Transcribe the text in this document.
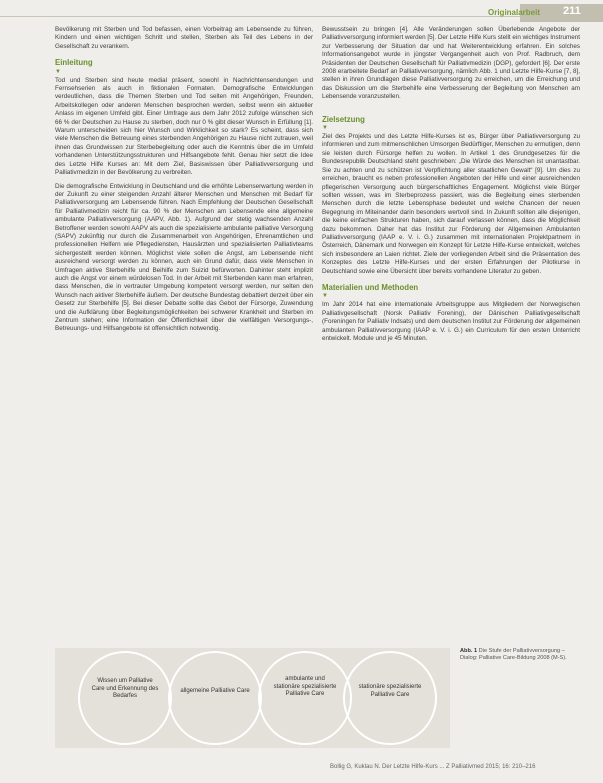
Originalarbeit 211

Bevölkerung mit Sterben und Tod befassen, einen Vorbeitrag am Lebensende zu führen, Kindern und einen wichtigen Schritt und stellen, Sterben als Teil des Lebens in der Gesellschaft zu verankern.

Einleitung
▼

Tod und Sterben sind heute medial präsent, sowohl in Nachrichtensendungen und Fernsehserien als auch in fiktionalen Formaten. Demografische Entwicklungen verdeutlichen, dass die Themen Sterben und Tod selten mit Angehörigen, Freunden, Arbeitskollegen oder anderen Menschen besprochen werden, selbst wenn ein aktueller Anlass im eigenen Umfeld gibt. Einer Umfrage aus dem Jahr 2012 zufolge wünschen sich 66 % der Deutschen zu Hause zu sterben, doch nur 0 % gibt dieser Wunsch in Erfüllung [1]. Warum unterscheiden sich hier Wunsch und Wirklichkeit so stark? Es scheint, dass sich viele Menschen die Betreuung eines sterbenden Angehörigen zu Hause nicht zutrauen, weil ihnen das Grundwissen zur Sterbebegleitung oder auch die Kenntnis über die im Umfeld vorhandenen Unterstützungsstrukturen und Hilfsangebote fehlt. Genau hier setzt die Idee des Letzte Hilfe Kurses an: Mit dem Ziel, Basiswissen über Palliativversorgung und Palliativmedizin in der Bevölkerung zu verbreiten.

Die demografische Entwicklung in Deutschland und die erhöhte Lebenserwartung werden in der Zukunft zu einer steigenden Anzahl älterer Menschen und Menschen mit Bedarf für Palliativversorgung am Lebensende führen. Nach Empfehlung der Deutschen Gesellschaft für Palliativmedizin reicht für ca. 90 % der Menschen am Lebensende eine allgemeine ambulante Palliativversorgung (AAPV, Abb. 1). Aufgrund der stetig wachsenden Anzahl Betroffener werden sowohl AAPV als auch die spezialisierte ambulante palliative Versorgung (SAPV) zukünftig nur durch die Zusammenarbeit von Angehörigen, Ehrenamtlichen und professionellen Helfern wie Pflegediensten, Hausärzten und spezialisierten Palliativteams sichergestellt werden können. Möglichst viele sollen die Angst, am Lebensende nicht ausreichend versorgt werden zu können, auch ein Grund dafür, dass viele Menschen in Umfragen aktive Sterbehilfe und Beihilfe zum Suizid befürworten. Dahinter steht implizit auch die Angst vor einem würdelosen Tod. In der Arbeit mit Sterbenden kann man erfahren, dass Menschen, die in vertrauter Umgebung kompetent versorgt werden, nur selten den Wunsch nach aktiver Sterbehilfe äußern. Der deutsche Bundestag debattiert derzeit über ein Gesetz zur Sterbehilfe [5]. Bei dieser Debatte sollte das Gebot der Fürsorge, Zuwendung und die Aufklärung über Begleitungsmöglichkeiten bei schwerer Krankheit und Sterben im Zentrum stehen; eine Information der Öffentlichkeit über die vielfältigen Versorgungs-, Betreuungs- und Hilfsangebote ist offensichtlich notwendig.

Bewusstsein zu bringen [4]. Alle Veränderungen sollen Überlebende Angebote der Palliativversorgung informiert werden [5]. Der Letzte Hilfe Kurs stellt ein wichtiges Instrument zur Verbesserung der Situation dar und hat Weiterentwicklung erfahren. Ein solches Informationsangebot wurde in jüngster Vergangenheit auch von Prof. Radbruch, dem Präsidenten der Deutschen Gesellschaft für Palliativmedizin (DGP), gefordert [6]. Der erste 2008 erarbeitete Bedarf an Palliativversorgung, nämlich Abb. 1 und Letzte Hilfe-Kurse [7, 8], stellen in ihren Grundlagen diese Palliativversorgung zu erreichen, um die Erreichung und das Diskussion um die Sterbehilfe eine Verbesserung der Begleitung von Menschen am Lebensende voranzustellen.

Zielsetzung
▼

Ziel des Projekts und des Letzte Hilfe-Kurses ist es, Bürger über Palliativversorgung zu informieren und zum mitmenschlichen Umsorgen Bedürftiger, Menschen zu ermutigen, denn sie leisten durch Fürsorge helfen zu wollen. In Artikel 1 des Grundgesetzes für die Bundesrepublik Deutschland steht geschrieben: „Die Würde des Menschen ist unantastbar. Sie zu achten und zu schützen ist Verpflichtung aller staatlichen Gewalt“ [9]. Um dies zu erreichen, braucht es neben professionellen Angeboten der Hilfe und einer ausreichenden pflegerischen Versorgung auch bürgerschaftliches Engagement. Möglichst viele Bürger sollten wissen, was im Sterbeprozess passiert, was die Begleitung eines sterbenden Menschen durch die letzte Lebensphase bedeutet und welche Chancen der neuen Begegnung im Miteinander darin besonders wertvoll sind. In Zukunft sollten alle diejenigen, die keine einfachen Strukturen haben, sich darauf verlassen können, dass die Möglichkeit dazu bekommen. Daher hat das Institut zur Förderung der Allgemeinen Ambulanten Palliativversorgung (IAAP e. V. i. G.) zusammen mit internationalen Projektpartnern in Österreich, Dänemark und Norwegen ein Konzept für Letzte Hilfe-Kurse entwickelt, welches sich insbesondere an Laien richtet. Ziele der vorliegenden Arbeit sind die Präsentation des Konzeptes des Letzte Hilfe-Kurses und der ersten Erfahrungen der Pilotkurse in Deutschland sowie eine Übersicht über bereits vorhandene Literatur zu geben.

Materialien und Methoden
▼

Im Jahr 2014 hat eine internationale Arbeitsgruppe aus Mitgliedern der Norwegischen Palliativgesellschaft (Norsk Palliativ Forening), der Dänischen Palliativgesellschaft (Foreningen for Palliativ Indsats) und dem deutschen Institut zur Förderung der allgemeinen ambulanten Palliativversorgung (IAAP e. V. i. G.) ein Curriculum für den ersten Unterricht entwickelt. Module und je 45 Minuten.

Wissen um Palliative Care und Erkennung des Bedarfes
allgemeine Palliative Care
ambulante und stationäre spezialisierte Palliative Care
stationäre spezialisierte Palliative Care
Abb. 1 Die Stufe der Palliativversorgung – Dialog: Palliative Care-Bildung 2008 (M-S).
Bollig G, Kuklau N. Der Letzte Hilfe-Kurs ... Z Palliativmed 2015; 16: 210–216
